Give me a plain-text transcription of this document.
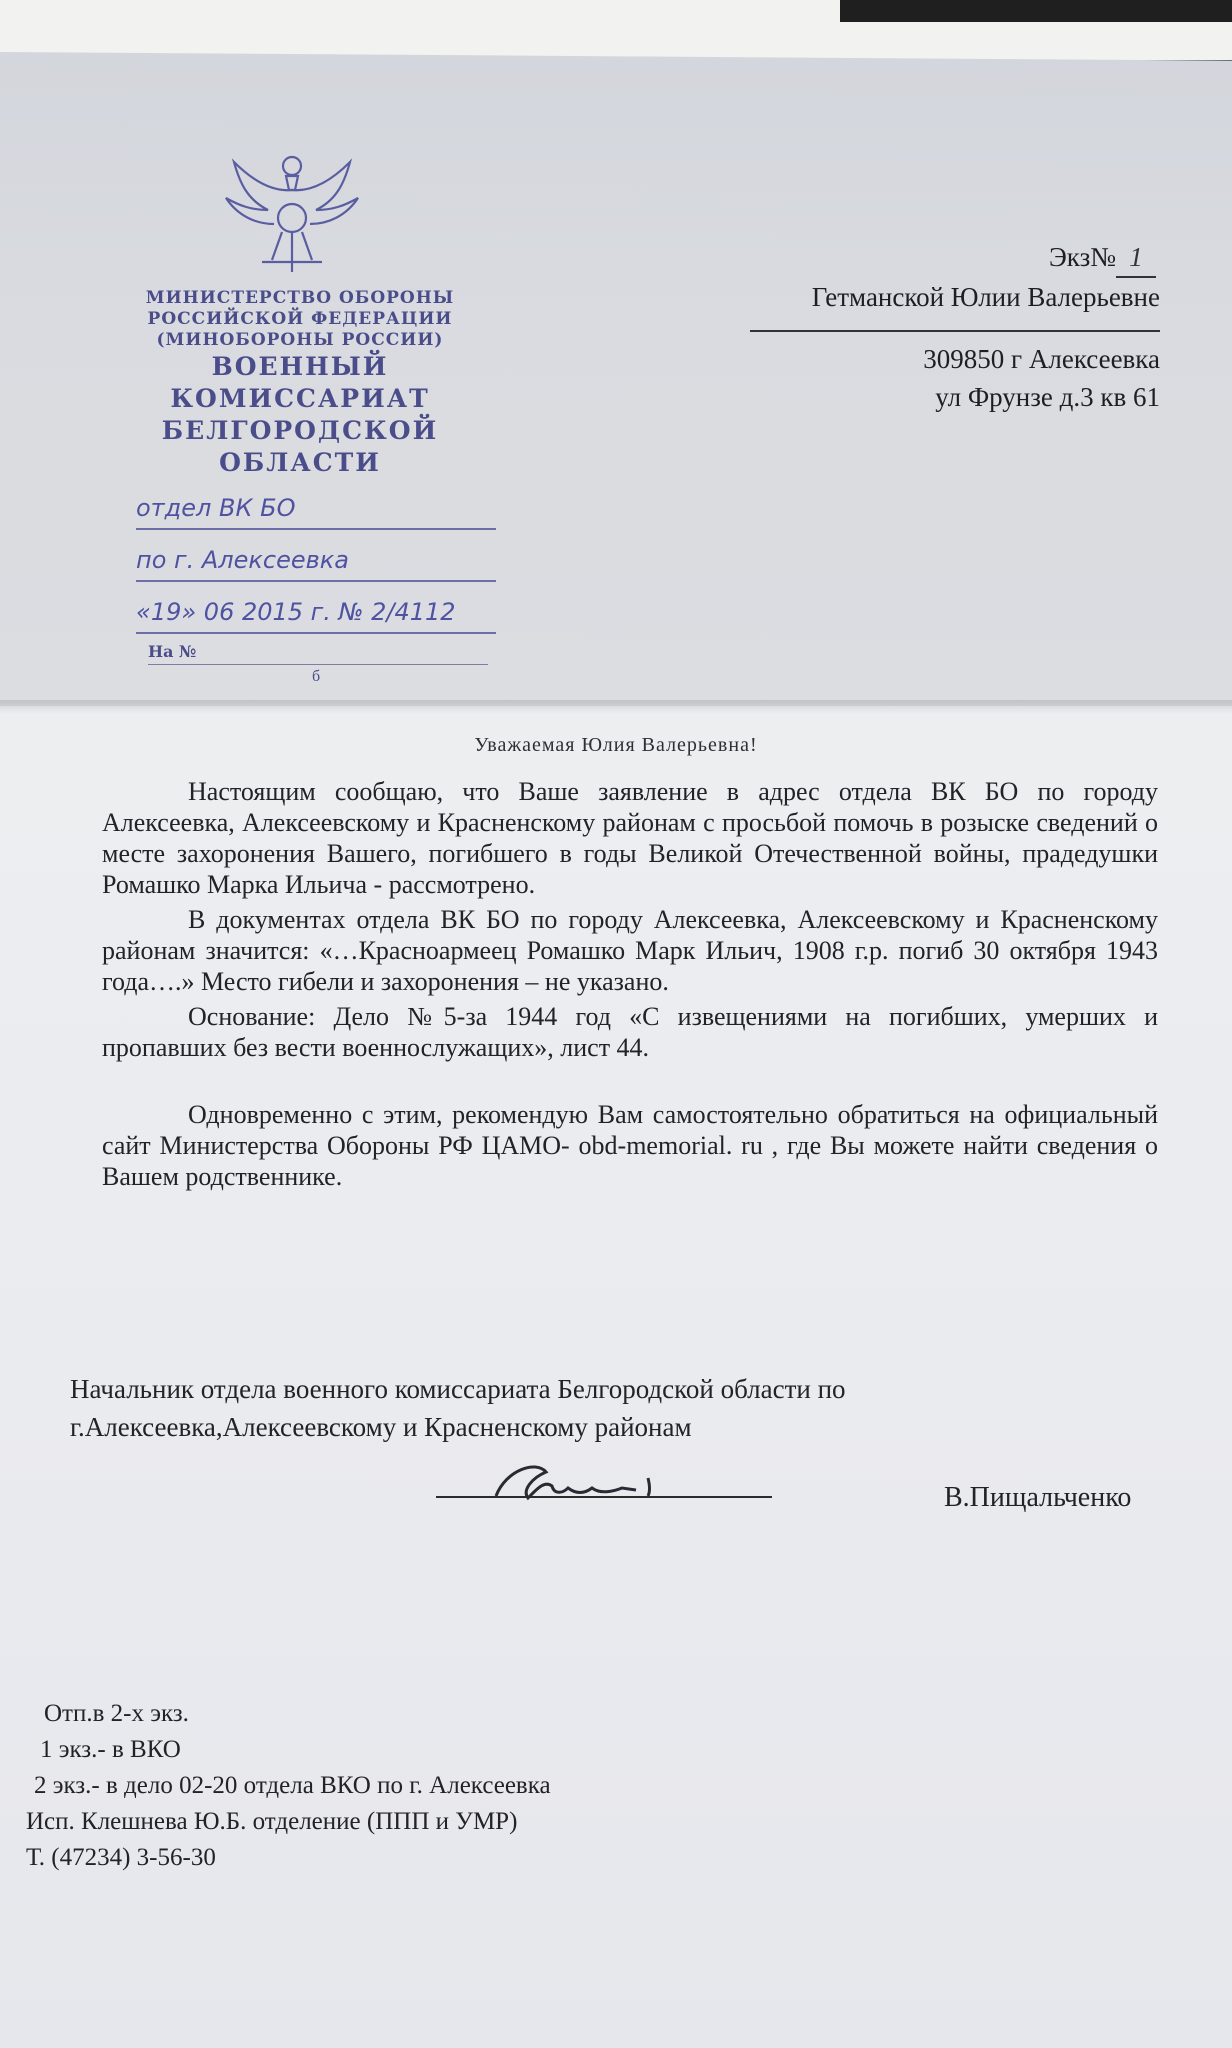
МИНИСТЕРСТВО ОБОРОНЫ
РОССИЙСКОЙ ФЕДЕРАЦИИ
(МИНОБОРОНЫ РОССИИ)
ВОЕННЫЙ КОМИССАРИАТ
БЕЛГОРОДСКОЙ
ОБЛАСТИ
отдел ВК БО
по г. Алексеевка
«19» 06 2015 г. № 2/4112
На №
б
Экз№ 1
Гетманской Юлии Валерьевне
309850 г Алексеевка
ул Фрунзе д.3 кв 61
Уважаемая Юлия Валерьевна!

Настоящим сообщаю, что Ваше заявление в адрес отдела ВК БО по городу Алексеевка, Алексеевскому и Красненскому районам с просьбой помочь в розыске сведений о месте захоронения Вашего, погибшего в годы Великой Отечественной войны, прадедушки Ромашко Марка Ильича - рассмотрено.

В документах отдела ВК БО по городу Алексеевка, Алексеевскому и Красненскому районам значится: «…Красноармеец Ромашко Марк Ильич, 1908 г.р. погиб 30 октября 1943 года….» Место гибели и захоронения – не указано.

Основание: Дело №5-за 1944 год «С извещениями на погибших, умерших и пропавших без вести военнослужащих», лист 44.

Одновременно с этим, рекомендую Вам самостоятельно обратиться на официальный сайт Министерства Обороны РФ ЦАМО- obd-memorial. ru , где Вы можете найти сведения о Вашем родственнике.

Начальник отдела военного комиссариата Белгородской области по
г.Алексеевка,Алексеевскому и Красненскому районам
В.Пищальченко
Отп.в 2-х экз.
1 экз.- в ВКО
2 экз.- в дело 02-20 отдела ВКО по г. Алексеевка
Исп. Клешнева Ю.Б. отделение (ППП и УМР)
Т. (47234) 3-56-30
